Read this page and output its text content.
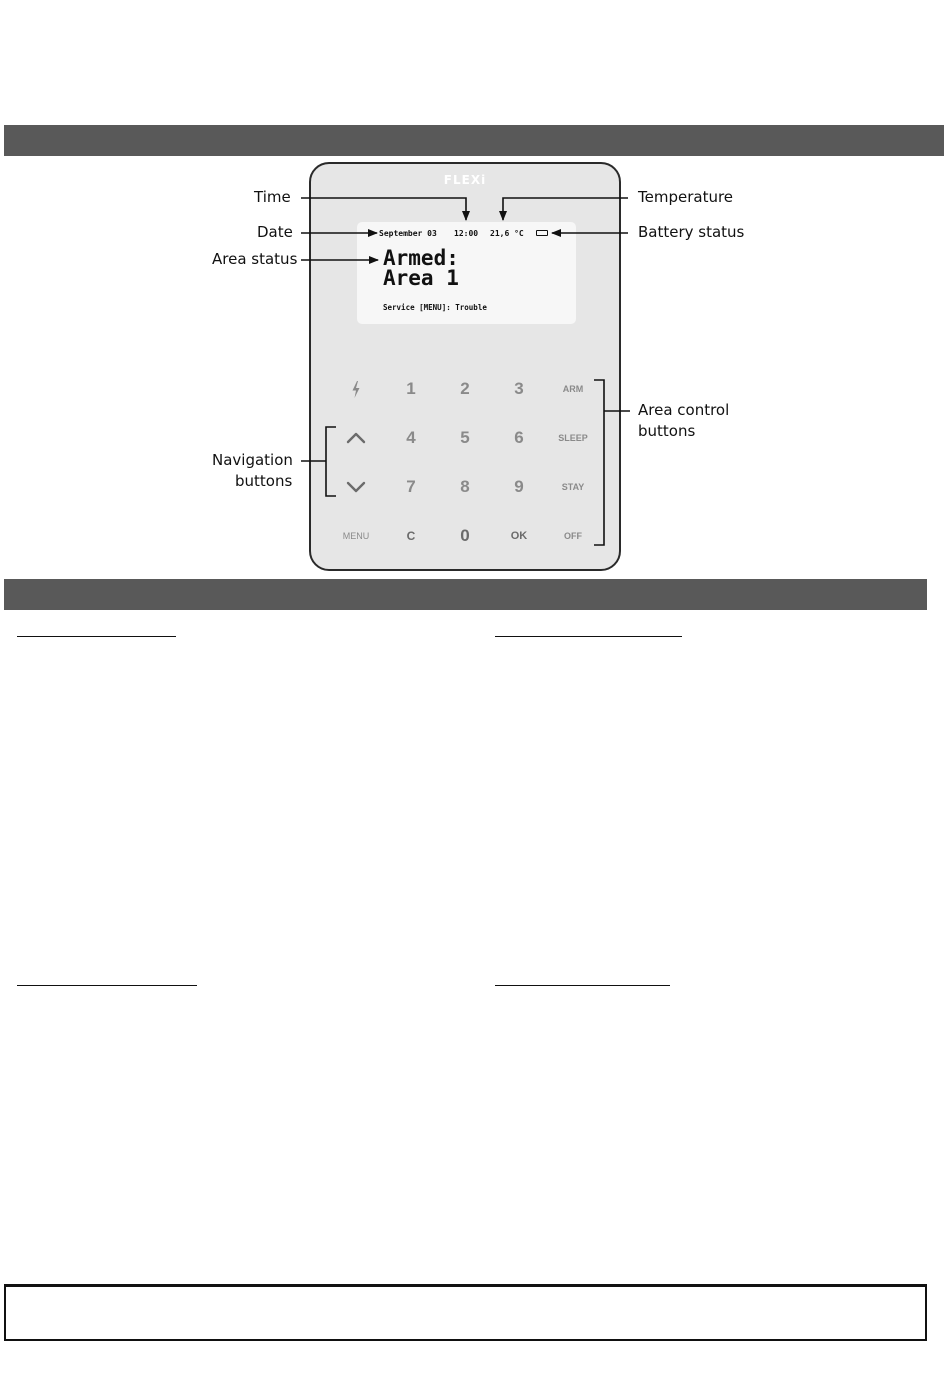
FLEXi
September 03 12:00 21,6 °C
Armed:
Area 1
Service [MENU]: Trouble
1	2	3	ARM
4	5	6	SLEEP
7	8	9	STAY
MENU	C	0	OK	OFF
Time
Date
Area status
Temperature
Battery status
Area control
buttons
Navigation
buttons
